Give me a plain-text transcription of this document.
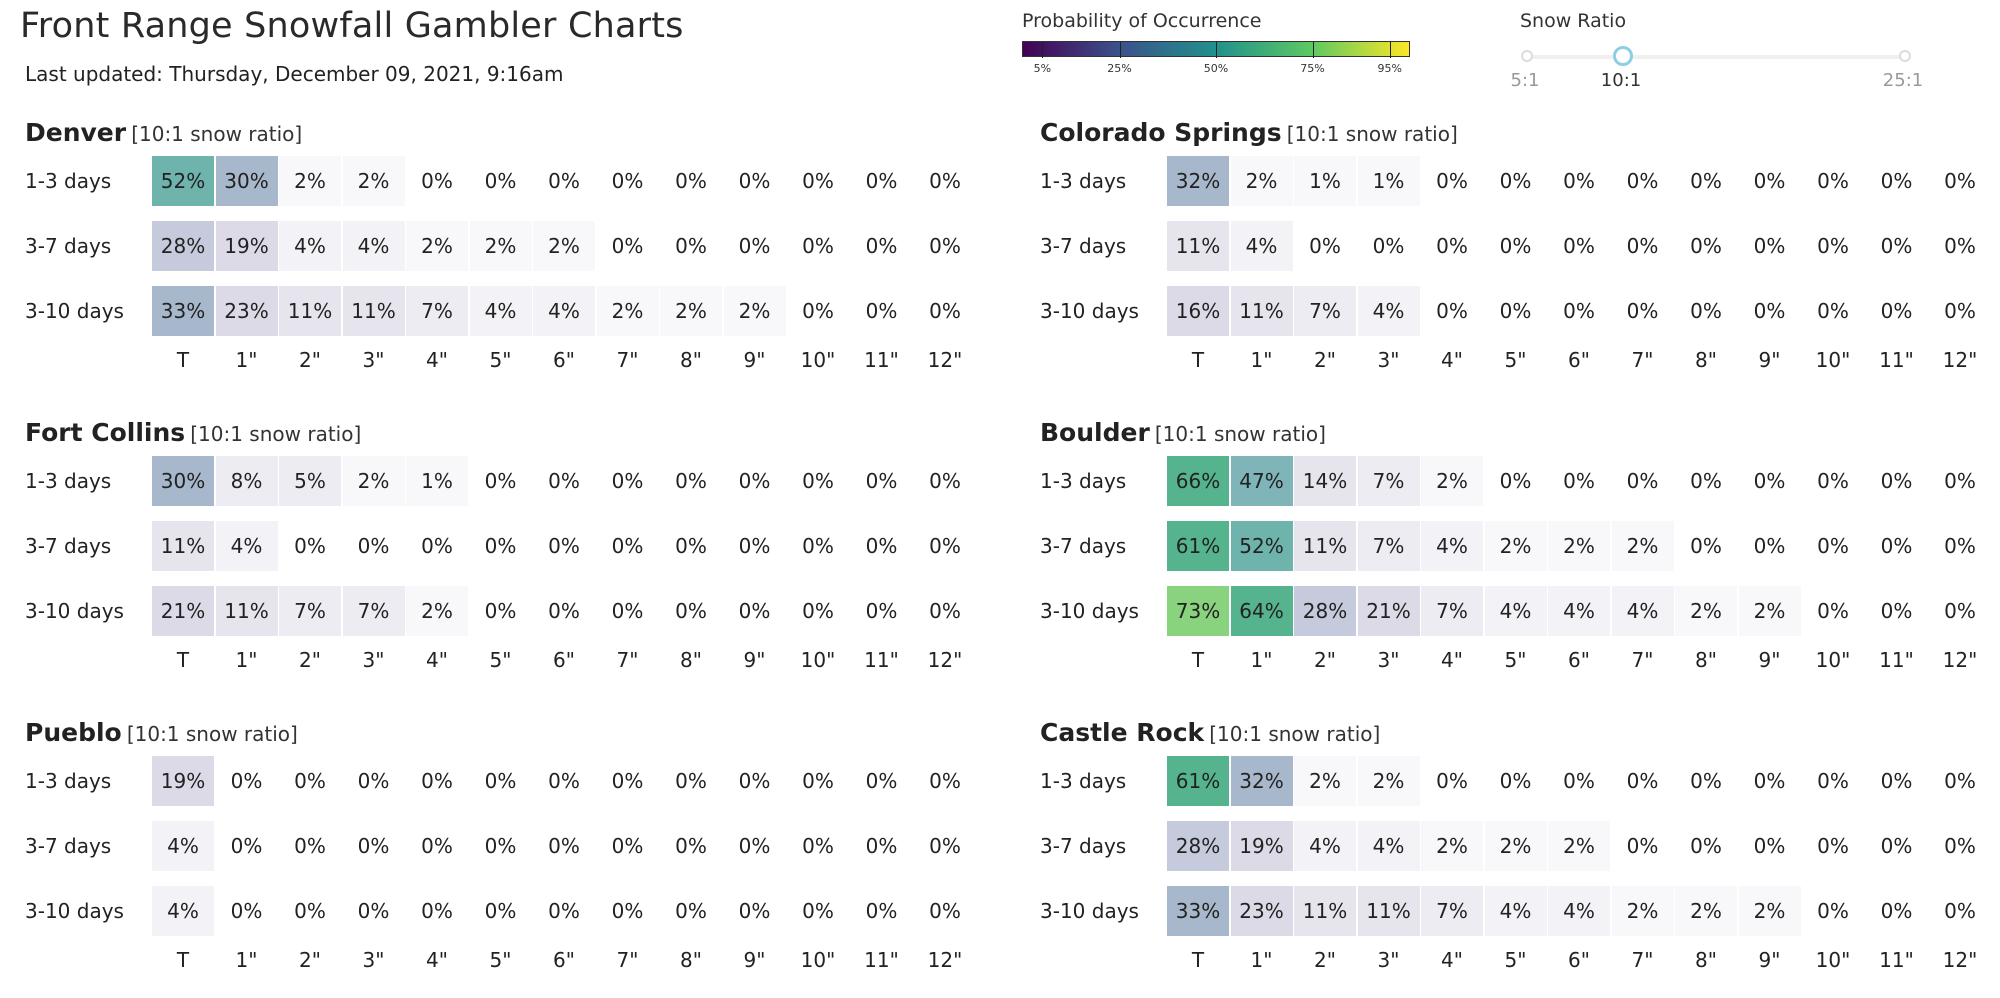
Front Range Snowfall Gambler Charts
Last updated: Thursday, December 09, 2021, 9:16am
Probability of Occurrence
5%	25%	50%	75%	95%
Snow Ratio
5:1	10:1	25:1
Denver [10:1 snow ratio]
1-3 days	52% 30%	2%	2%	0%	0%	0%	0%	0%	0%	0%	0%	0%
3-7 days	28% 19%	4%	4%	2%	2%	2%	0%	0%	0%	0%	0%	0%
3-10 days	33% 23% 11% 11%	7%	4%	4%	2%	2%	2%	0%	0%	0%
T	1"	2"	3"	4"	5"	6"	7"	8"	9"	10"	11"	12"
Colorado Springs [10:1 snow ratio]
1-3 days	32%	2%	1%	1%	0%	0%	0%	0%	0%	0%	0%	0%	0%
3-7 days	11%	4%	0%	0%	0%	0%	0%	0%	0%	0%	0%	0%	0%
3-10 days	16% 11%	7%	4%	0%	0%	0%	0%	0%	0%	0%	0%	0%
T	1"	2"	3"	4"	5"	6"	7"	8"	9"	10"	11"	12"
Fort Collins [10:1 snow ratio]
1-3 days	30%	8%	5%	2%	1%	0%	0%	0%	0%	0%	0%	0%	0%
3-7 days	11%	4%	0%	0%	0%	0%	0%	0%	0%	0%	0%	0%	0%
3-10 days	21% 11%	7%	7%	2%	0%	0%	0%	0%	0%	0%	0%	0%
T	1"	2"	3"	4"	5"	6"	7"	8"	9"	10"	11"	12"
Boulder [10:1 snow ratio]
1-3 days	66% 47% 14%	7%	2%	0%	0%	0%	0%	0%	0%	0%	0%
3-7 days	61% 52% 11%	7%	4%	2%	2%	2%	0%	0%	0%	0%	0%
3-10 days	73% 64% 28% 21%	7%	4%	4%	4%	2%	2%	0%	0%	0%
T	1"	2"	3"	4"	5"	6"	7"	8"	9"	10"	11"	12"
Pueblo [10:1 snow ratio]
1-3 days	19%	0%	0%	0%	0%	0%	0%	0%	0%	0%	0%	0%	0%
3-7 days	4%	0%	0%	0%	0%	0%	0%	0%	0%	0%	0%	0%	0%
3-10 days	4%	0%	0%	0%	0%	0%	0%	0%	0%	0%	0%	0%	0%
T	1"	2"	3"	4"	5"	6"	7"	8"	9"	10"	11"	12"
Castle Rock [10:1 snow ratio]
1-3 days	61% 32%	2%	2%	0%	0%	0%	0%	0%	0%	0%	0%	0%
3-7 days	28% 19%	4%	4%	2%	2%	2%	0%	0%	0%	0%	0%	0%
3-10 days	33% 23% 11% 11%	7%	4%	4%	2%	2%	2%	0%	0%	0%
T	1"	2"	3"	4"	5"	6"	7"	8"	9"	10"	11"	12"
